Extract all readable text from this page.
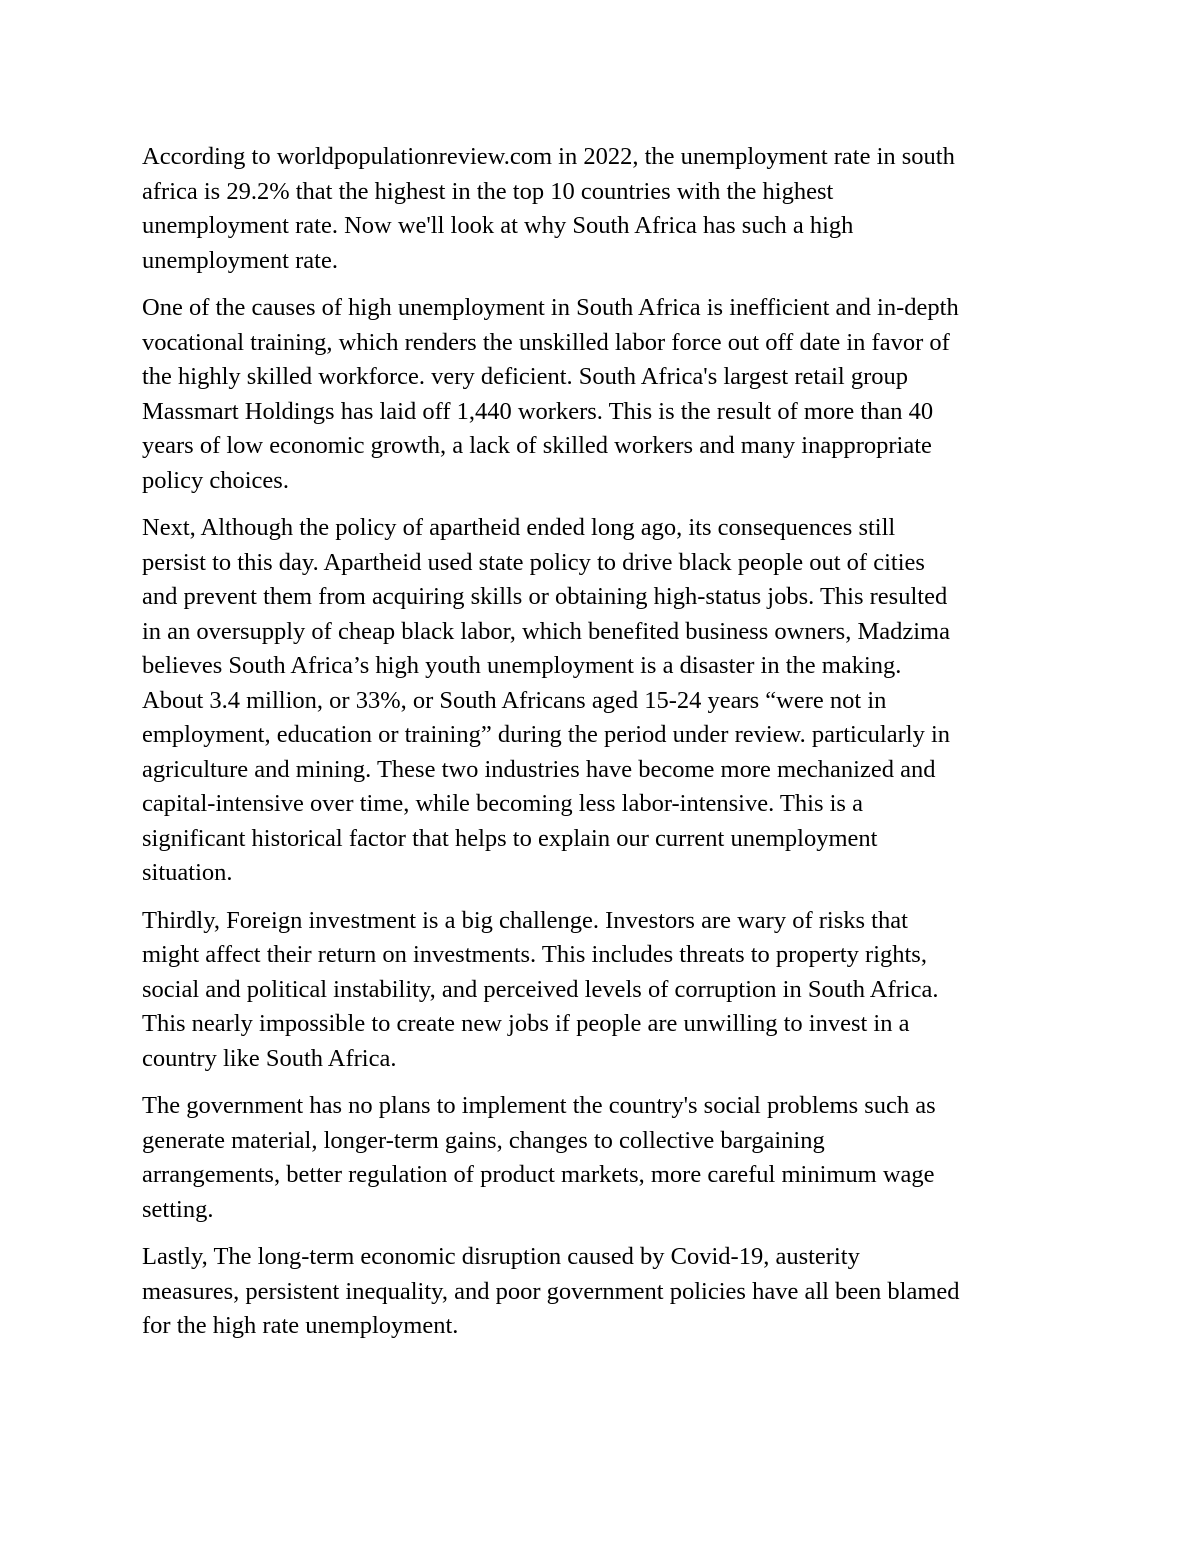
According to worldpopulationreview.com in 2022, the unemployment rate in south
africa is 29.2% that the highest in the top 10 countries with the highest
unemployment rate. Now we'll look at why South Africa has such a high
unemployment rate.

One of the causes of high unemployment in South Africa is inefficient and in-depth
vocational training, which renders the unskilled labor force out off date in favor of
the highly skilled workforce. very deficient. South Africa's largest retail group
Massmart Holdings has laid off 1,440 workers. This is the result of more than 40
years of low economic growth, a lack of skilled workers and many inappropriate
policy choices.

Next, Although the policy of apartheid ended long ago, its consequences still
persist to this day. Apartheid used state policy to drive black people out of cities
and prevent them from acquiring skills or obtaining high-status jobs. This resulted
in an oversupply of cheap black labor, which benefited business owners, Madzima
believes South Africa’s high youth unemployment is a disaster in the making.
About 3.4 million, or 33%, or South Africans aged 15-24 years “were not in
employment, education or training” during the period under review. particularly in
agriculture and mining. These two industries have become more mechanized and
capital-intensive over time, while becoming less labor-intensive. This is a
significant historical factor that helps to explain our current unemployment
situation.

Thirdly, Foreign investment is a big challenge. Investors are wary of risks that
might affect their return on investments. This includes threats to property rights,
social and political instability, and perceived levels of corruption in South Africa.
This nearly impossible to create new jobs if people are unwilling to invest in a
country like South Africa.

The government has no plans to implement the country's social problems such as
generate material, longer-term gains, changes to collective bargaining
arrangements, better regulation of product markets, more careful minimum wage
setting.

Lastly, The long-term economic disruption caused by Covid-19, austerity
measures, persistent inequality, and poor government policies have all been blamed
for the high rate unemployment.
